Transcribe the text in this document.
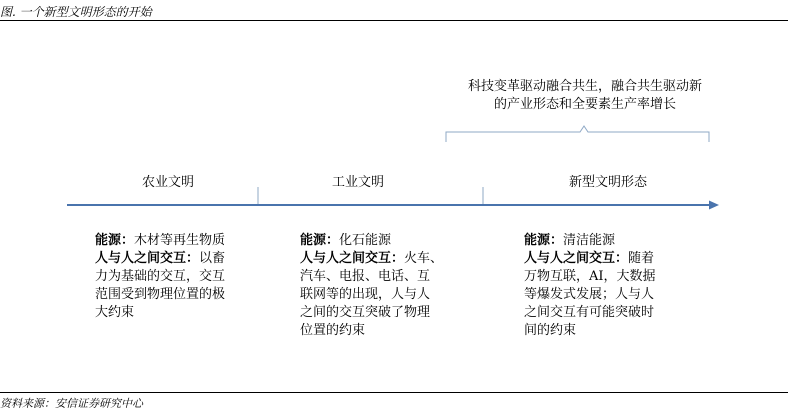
图. 一个新型文明形态的开始
科技变革驱动融合共生，融合共生驱动新
的产业形态和全要素生产率增长
农业文明	工业文明	新型文明形态

能源：木材等再生物质

人与人之间交互：以畜

力为基础的交互，交互

范围受到物理位置的极

大约束

能源：化石能源

人与人之间交互：火车、

汽车、电报、电话、互

联网等的出现，人与人

之间的交互突破了物理

位置的约束

能源：清洁能源

人与人之间交互：随着

万物互联，AI，大数据

等爆发式发展；人与人

之间交互有可能突破时

间的约束

资料来源：安信证券研究中心
